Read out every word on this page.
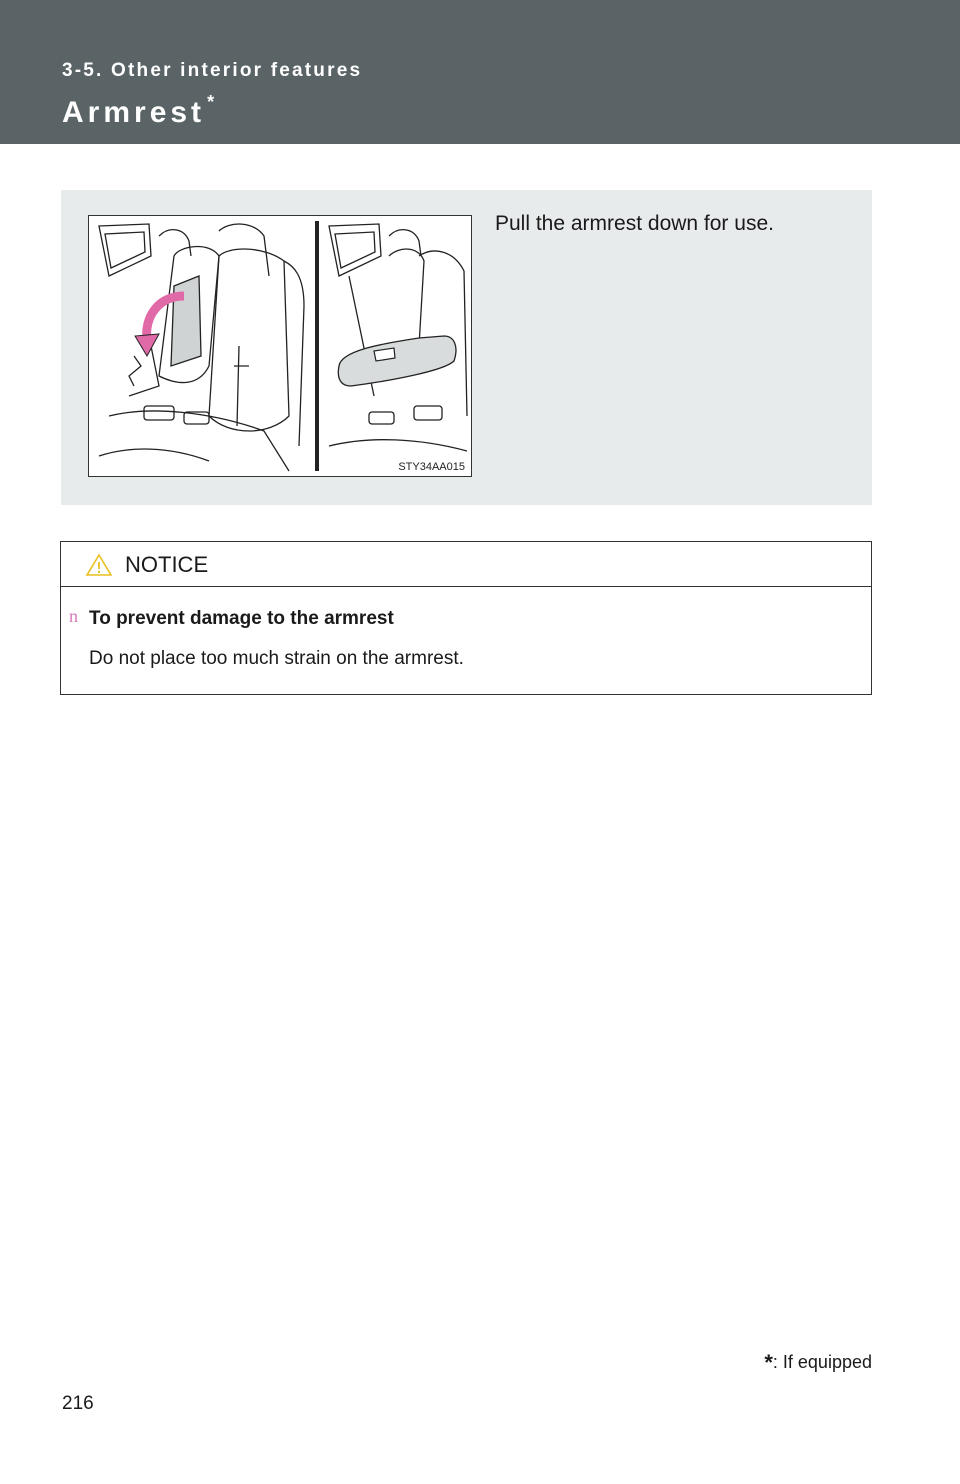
3-5. Other interior features
Armrest *
STY34AA015
Pull the armrest down for use.
NOTICE
n To prevent damage to the armrest
Do not place too much strain on the armrest.
*: If equipped
216
